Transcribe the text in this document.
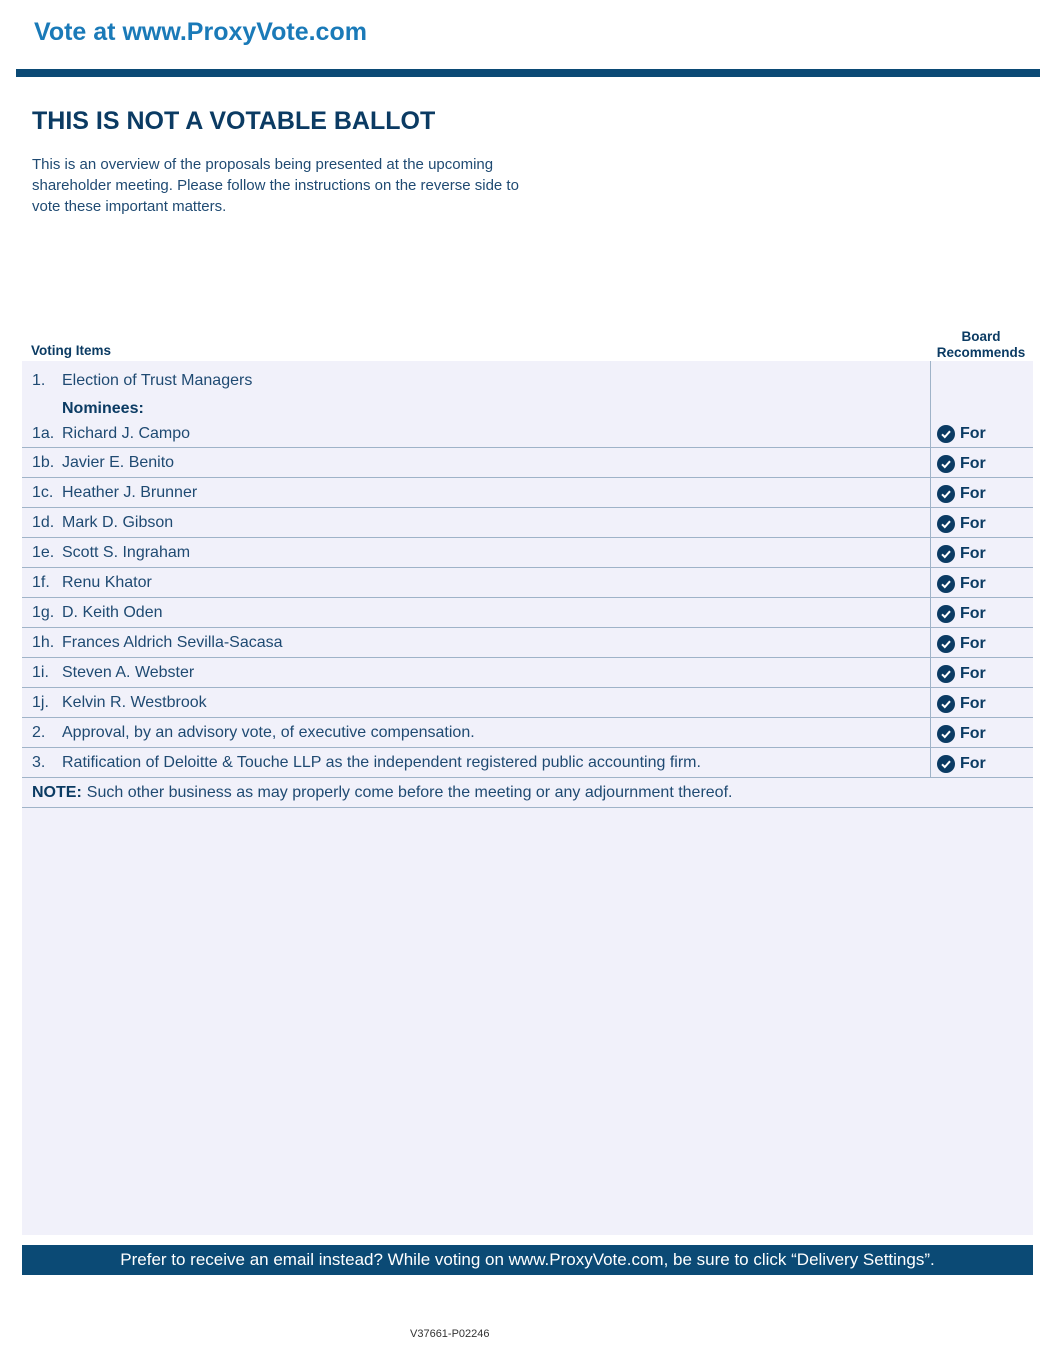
Vote at www.ProxyVote.com
THIS IS NOT A VOTABLE BALLOT
This is an overview of the proposals being presented at the upcoming shareholder meeting. Please follow the instructions on the reverse side to vote these important matters.
Voting Items
Board
Recommends
1.	Election of Trust Managers
Nominees:
1a. Richard J. Campo	For
1b. Javier E. Benito	For
1c. Heather J. Brunner	For
1d. Mark D. Gibson	For
1e. Scott S. Ingraham	For
1f. Renu Khator	For
1g. D. Keith Oden	For
1h. Frances Aldrich Sevilla-Sacasa	For
1i. Steven A. Webster	For
1j. Kelvin R. Westbrook	For
2.	Approval, by an advisory vote, of executive compensation.	For
3.	Ratification of Deloitte & Touche LLP as the independent registered public accounting firm.	For
NOTE: Such other business as may properly come before the meeting or any adjournment thereof.
Prefer to receive an email instead? While voting on www.ProxyVote.com, be sure to click “Delivery Settings”.
V37661-P02246
